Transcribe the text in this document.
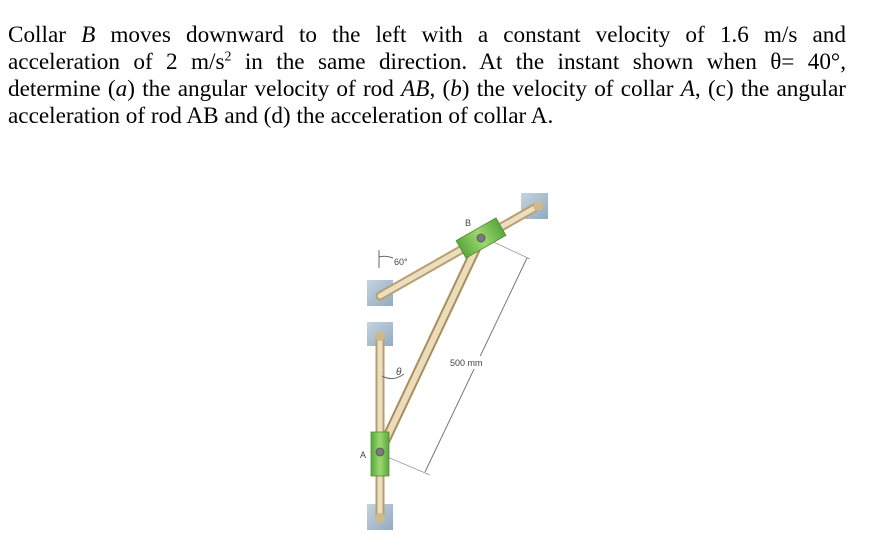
Collar B moves downward to the left with a constant velocity of 1.6 m/s and
acceleration of 2 $m/s^2$ in the same direction. At the instant shown when θ= 40°,
determine (a) the angular velocity of rod AB, (b) the velocity of collar A, (c) the angular
acceleration of rod AB and (d) the acceleration of collar A.
60°
θ
500 mm
B
A
